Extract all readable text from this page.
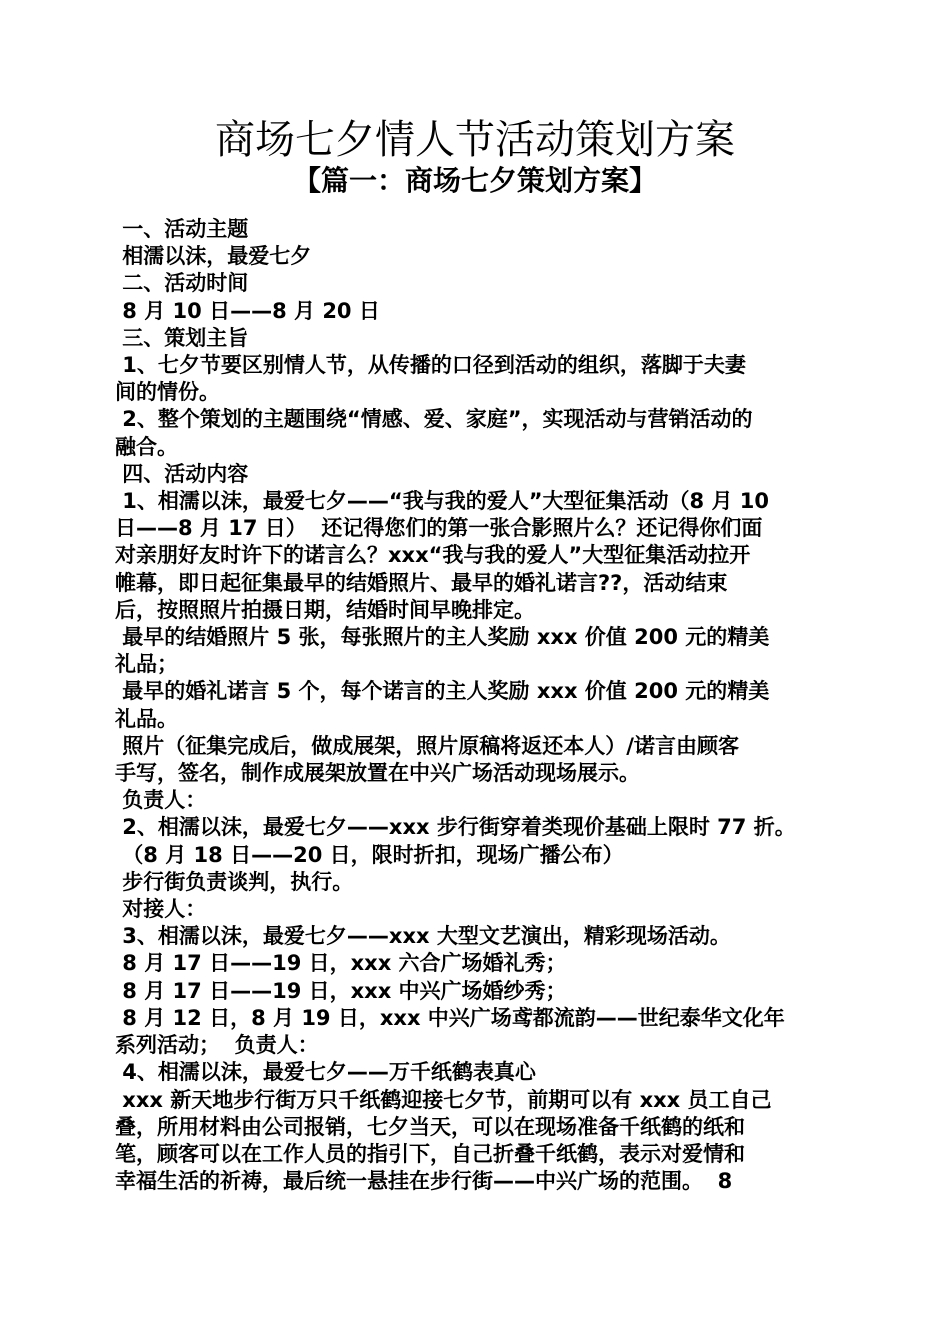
商场七夕情人节活动策划方案
【篇一：商场七夕策划方案】
一、活动主题
相濡以沫，最爱七夕
二、活动时间
8 月 10 日——8 月 20 日
三、策划主旨
1、七夕节要区别情人节，从传播的口径到活动的组织，落脚于夫妻
间的情份。
2、整个策划的主题围绕“情感、爱、家庭”，实现活动与营销活动的
融合。
四、活动内容
1、相濡以沫，最爱七夕——“我与我的爱人”大型征集活动（8 月 10
日——8 月 17 日）  还记得您们的第一张合影照片么？还记得你们面
对亲朋好友时许下的诺言么？xxx“我与我的爱人”大型征集活动拉开
帷幕，即日起征集最早的结婚照片、最早的婚礼诺言??，活动结束
后，按照照片拍摄日期，结婚时间早晚排定。
最早的结婚照片 5 张，每张照片的主人奖励 xxx 价值 200 元的精美
礼品；
最早的婚礼诺言 5 个，每个诺言的主人奖励 xxx 价值 200 元的精美
礼品。
照片（征集完成后，做成展架，照片原稿将返还本人）/诺言由顾客
手写，签名，制作成展架放置在中兴广场活动现场展示。
负责人：
2、相濡以沫，最爱七夕——xxx 步行街穿着类现价基础上限时 77 折。
（8 月 18 日——20 日，限时折扣，现场广播公布）
步行街负责谈判，执行。
对接人：
3、相濡以沫，最爱七夕——xxx 大型文艺演出，精彩现场活动。
8 月 17 日——19 日，xxx 六合广场婚礼秀；
8 月 17 日——19 日，xxx 中兴广场婚纱秀；
8 月 12 日，8 月 19 日，xxx 中兴广场鸢都流韵——世纪泰华文化年
系列活动；  负责人：
4、相濡以沫，最爱七夕——万千纸鹤表真心
xxx 新天地步行街万只千纸鹤迎接七夕节，前期可以有 xxx 员工自己
叠，所用材料由公司报销，七夕当天，可以在现场准备千纸鹤的纸和
笔，顾客可以在工作人员的指引下，自己折叠千纸鹤，表示对爱情和
幸福生活的祈祷，最后统一悬挂在步行街——中兴广场的范围。  8
